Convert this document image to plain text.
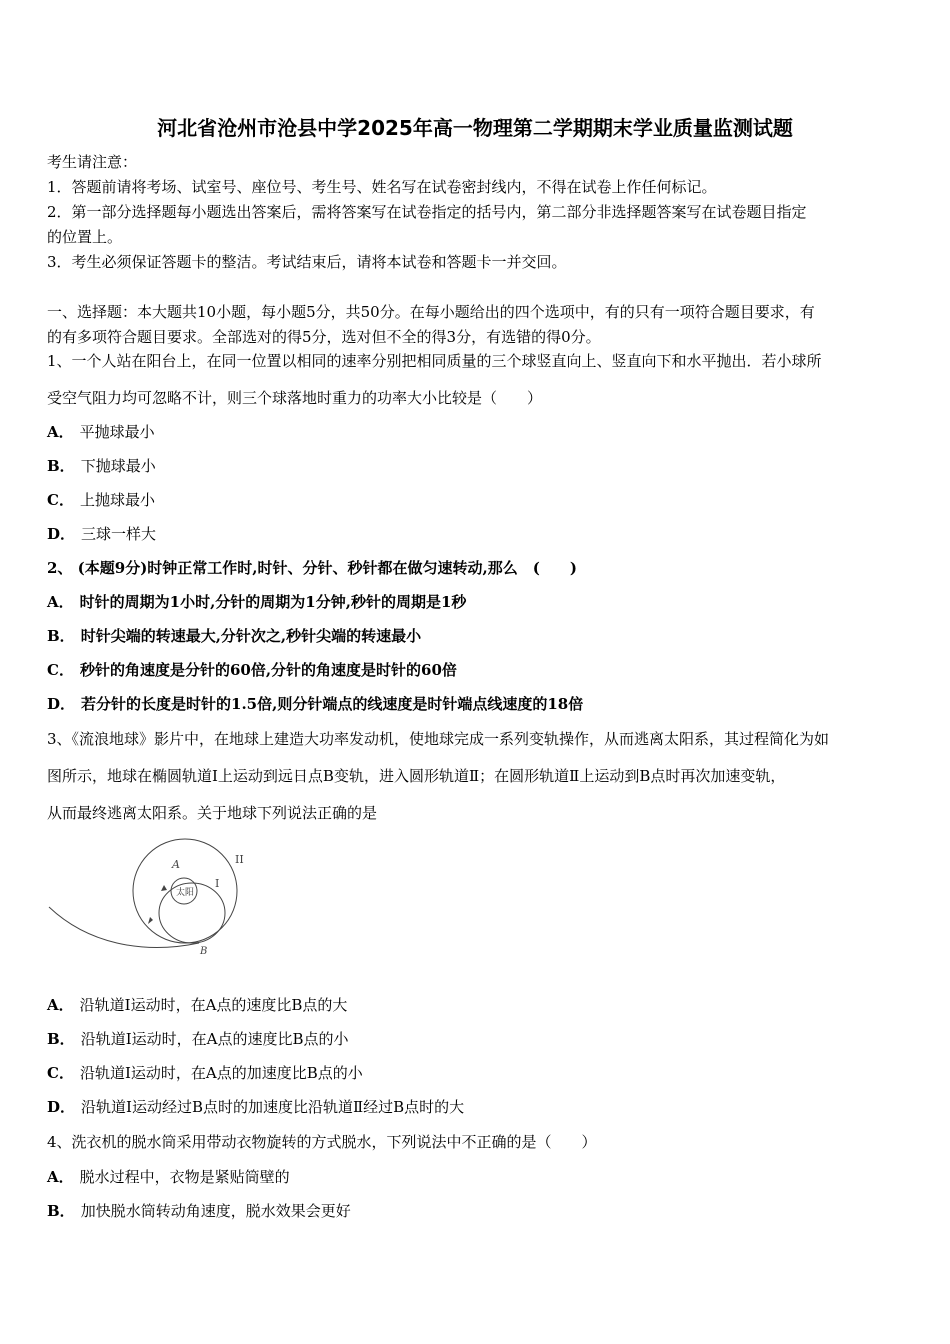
河北省沧州市沧县中学2025年高一物理第二学期期末学业质量监测试题
考生请注意：
1．答题前请将考场、试室号、座位号、考生号、姓名写在试卷密封线内，不得在试卷上作任何标记。
2．第一部分选择题每小题选出答案后，需将答案写在试卷指定的括号内，第二部分非选择题答案写在试卷题目指定
的位置上。
3．考生必须保证答题卡的整洁。考试结束后，请将本试卷和答题卡一并交回。
一、选择题：本大题共10小题，每小题5分，共50分。在每小题给出的四个选项中，有的只有一项符合题目要求，有
的有多项符合题目要求。全部选对的得5分，选对但不全的得3分，有选错的得0分。
1、一个人站在阳台上，在同一位置以相同的速率分别把相同质量的三个球竖直向上、竖直向下和水平抛出．若小球所
受空气阻力均可忽略不计，则三个球落地时重力的功率大小比较是（　　）
A． 平抛球最小
B． 下抛球最小
C． 上抛球最小
D． 三球一样大
2、 (本题9分)时钟正常工作时,时针、分针、秒针都在做匀速转动,那么　(　　)
A． 时针的周期为1小时,分针的周期为1分钟,秒针的周期是1秒
B． 时针尖端的转速最大,分针次之,秒针尖端的转速最小
C． 秒针的角速度是分针的60倍,分针的角速度是时针的60倍
D． 若分针的长度是时针的1.5倍,则分针端点的线速度是时针端点线速度的18倍
3、《流浪地球》影片中，在地球上建造大功率发动机，使地球完成一系列变轨操作，从而逃离太阳系，其过程简化为如
图所示，地球在椭圆轨道Ⅰ上运动到远日点B变轨，进入圆形轨道Ⅱ；在圆形轨道Ⅱ上运动到B点时再次加速变轨，
从而最终逃离太阳系。关于地球下列说法正确的是
太阳
A
B
I
II
A． 沿轨道Ⅰ运动时，在A点的速度比B点的大
B． 沿轨道Ⅰ运动时，在A点的速度比B点的小
C． 沿轨道Ⅰ运动时，在A点的加速度比B点的小
D． 沿轨道Ⅰ运动经过B点时的加速度比沿轨道Ⅱ经过B点时的大
4、洗衣机的脱水筒采用带动衣物旋转的方式脱水，下列说法中不正确的是（　　）
A． 脱水过程中，衣物是紧贴筒壁的
B． 加快脱水筒转动角速度，脱水效果会更好
